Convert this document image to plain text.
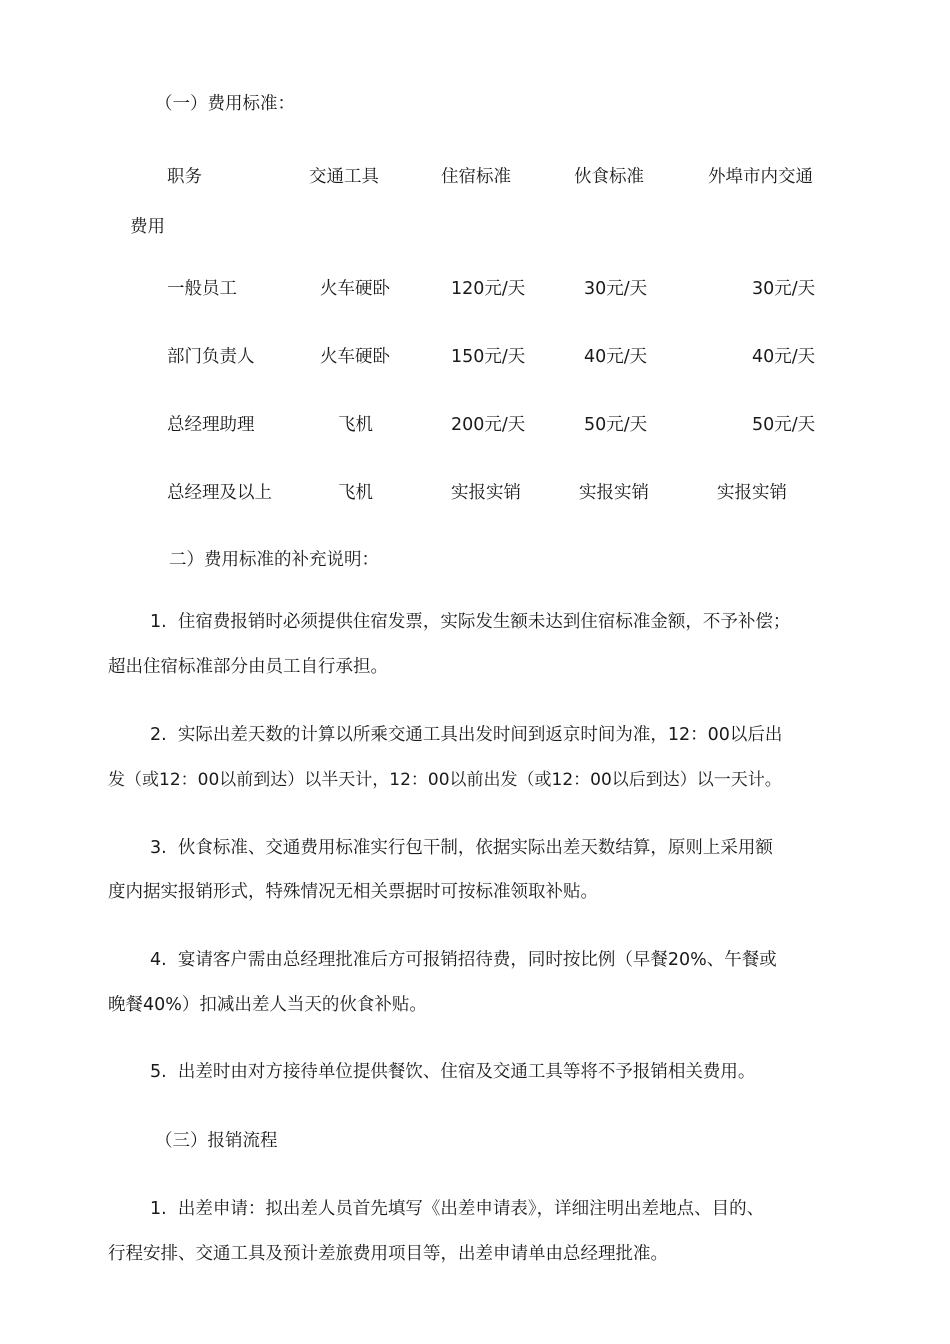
（一）费用标准：
职务	交通工具	住宿标准	伙食标准	外埠市内交通
费用
一般员工	火车硬卧	120元/天	30元/天	30元/天
部门负责人	火车硬卧	150元/天	40元/天	40元/天
总经理助理	飞机	200元/天	50元/天	50元/天
总经理及以上	飞机	实报实销	实报实销	实报实销
二）费用标准的补充说明：
1. 住宿费报销时必须提供住宿发票，实际发生额未达到住宿标准金额，不予补偿；
超出住宿标准部分由员工自行承担。
2. 实际出差天数的计算以所乘交通工具出发时间到返京时间为准，12：00以后出
发（或12：00以前到达）以半天计，12：00以前出发（或12：00以后到达）以一天计。
3. 伙食标准、交通费用标准实行包干制，依据实际出差天数结算，原则上采用额
度内据实报销形式，特殊情况无相关票据时可按标准领取补贴。
4. 宴请客户需由总经理批准后方可报销招待费，同时按比例（早餐20%、午餐或
晚餐40%）扣减出差人当天的伙食补贴。
5. 出差时由对方接待单位提供餐饮、住宿及交通工具等将不予报销相关费用。
（三）报销流程
1. 出差申请：拟出差人员首先填写《出差申请表》，详细注明出差地点、目的、
行程安排、交通工具及预计差旅费用项目等，出差申请单由总经理批准。
